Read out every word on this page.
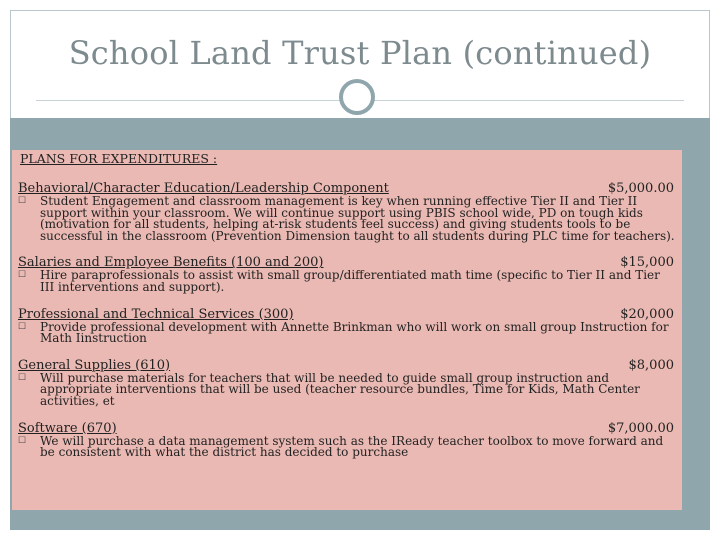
School Land Trust Plan (continued)
PLANS FOR EXPENDITURES :
Behavioral/Character Education/Leadership Component	$5,000.00
☐	Student Engagement and classroom management is key when running effective Tier II and Tier II support within your classroom. We will continue support using PBIS school wide, PD on tough kids (motivation for all students, helping at-risk students feel success) and giving students tools to be successful in the classroom (Prevention Dimension taught to all students during PLC time for teachers).
Salaries and Employee Benefits (100 and 200)	$15,000
☐	Hire paraprofessionals to assist with small group/differentiated math time (specific to Tier II and Tier III interventions and support).
Professional and Technical Services (300)	$20,000
☐	Provide professional development with Annette Brinkman who will work on small group Instruction for Math Iinstruction
General Supplies (610)	$8,000
☐	Will purchase materials for teachers that will be needed to guide small group instruction and appropriate interventions that will be used (teacher resource bundles, Time for Kids, Math Center activities, et
Software (670)	$7,000.00
☐	We will purchase a data management system such as the IReady teacher toolbox to move forward and be consistent with what the district has decided to purchase
